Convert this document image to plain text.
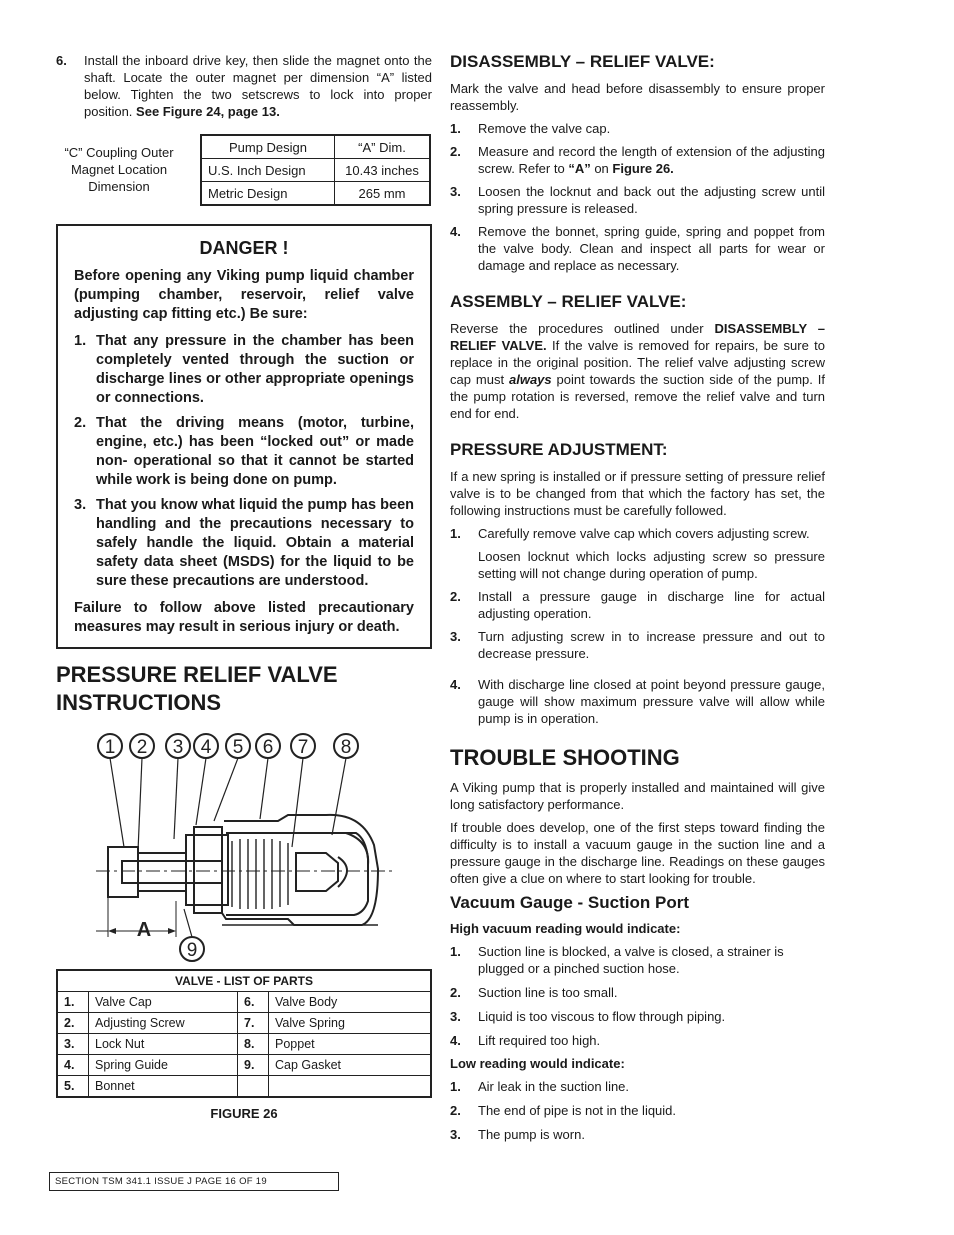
6.	Install the inboard drive key, then slide the magnet onto the shaft. Locate the outer magnet per dimension “A” listed below. Tighten the two setscrews to lock into proper position. See Figure 24, page 13.
“C” Coupling Outer Magnet Location Dimension
Pump Design	“A” Dim.
U.S. Inch Design	10.43 inches
Metric Design	265 mm
DANGER !

Before opening any Viking pump liquid chamber (pumping chamber, reservoir, relief valve adjusting cap fitting etc.) Be sure:

1. That any pressure in the chamber has been completely vented through the suction or discharge lines or other appropriate openings or connections.
2. That the driving means (motor, turbine, engine, etc.) has been “locked out” or made non- operational so that it cannot be started while work is being done on pump.
3. That you know what liquid the pump has been handling and the precautions necessary to safely handle the liquid. Obtain a material safety data sheet (MSDS) for the liquid to be sure these precautions are understood.

Failure to follow above listed precautionary measures may result in serious injury or death.

PRESSURE RELIEF VALVE
INSTRUCTIONS
1 2 3 4 5 6 7 8
9
A
VALVE - LIST OF PARTS			
1.	Valve Cap	6.	Valve Body
2.	Adjusting Screw	7.	Valve Spring
3.	Lock Nut	8.	Poppet
4.	Spring Guide	9.	Cap Gasket
5.	Bonnet		
FIGURE 26
SECTION TSM 341.1 ISSUE J PAGE 16 OF 19
DISASSEMBLY – RELIEF VALVE:

Mark the valve and head before disassembly to ensure proper reassembly.

1.	Remove the valve cap.
2.	Measure and record the length of extension of the adjusting screw. Refer to “A” on Figure 26.
3.	Loosen the locknut and back out the adjusting screw until spring pressure is released.
4.	Remove the bonnet, spring guide, spring and poppet from the valve body. Clean and inspect all parts for wear or damage and replace as necessary.
ASSEMBLY – RELIEF VALVE:

Reverse the procedures outlined under DISASSEMBLY – RELIEF VALVE. If the valve is removed for repairs, be sure to replace in the original position. The relief valve adjusting screw cap must always point towards the suction side of the pump. If the pump rotation is reversed, remove the relief valve and turn end for end.

PRESSURE ADJUSTMENT:

If a new spring is installed or if pressure setting of pressure relief valve is to be changed from that which the factory has set, the following instructions must be carefully followed.

1.	Carefully remove valve cap which covers adjusting screw.
Loosen locknut which locks adjusting screw so pressure setting will not change during operation of pump.
2.	Install a pressure gauge in discharge line for actual adjusting operation.
3.	Turn adjusting screw in to increase pressure and out to decrease pressure.
4.	With discharge line closed at point beyond pressure gauge, gauge will show maximum pressure valve will allow while pump is in operation.
TROUBLE SHOOTING

A Viking pump that is properly installed and maintained will give long satisfactory performance.

If trouble does develop, one of the first steps toward finding the difficulty is to install a vacuum gauge in the suction line and a pressure gauge in the discharge line. Readings on these gauges often give a clue on where to start looking for trouble.

Vacuum Gauge - Suction Port
High vacuum reading would indicate:
1.	Suction line is blocked, a valve is closed, a strainer is plugged or a pinched suction hose.
2.	Suction line is too small.
3.	Liquid is too viscous to flow through piping.
4.	Lift required too high.
Low reading would indicate:
1.	Air leak in the suction line.
2.	The end of pipe is not in the liquid.
3.	The pump is worn.
